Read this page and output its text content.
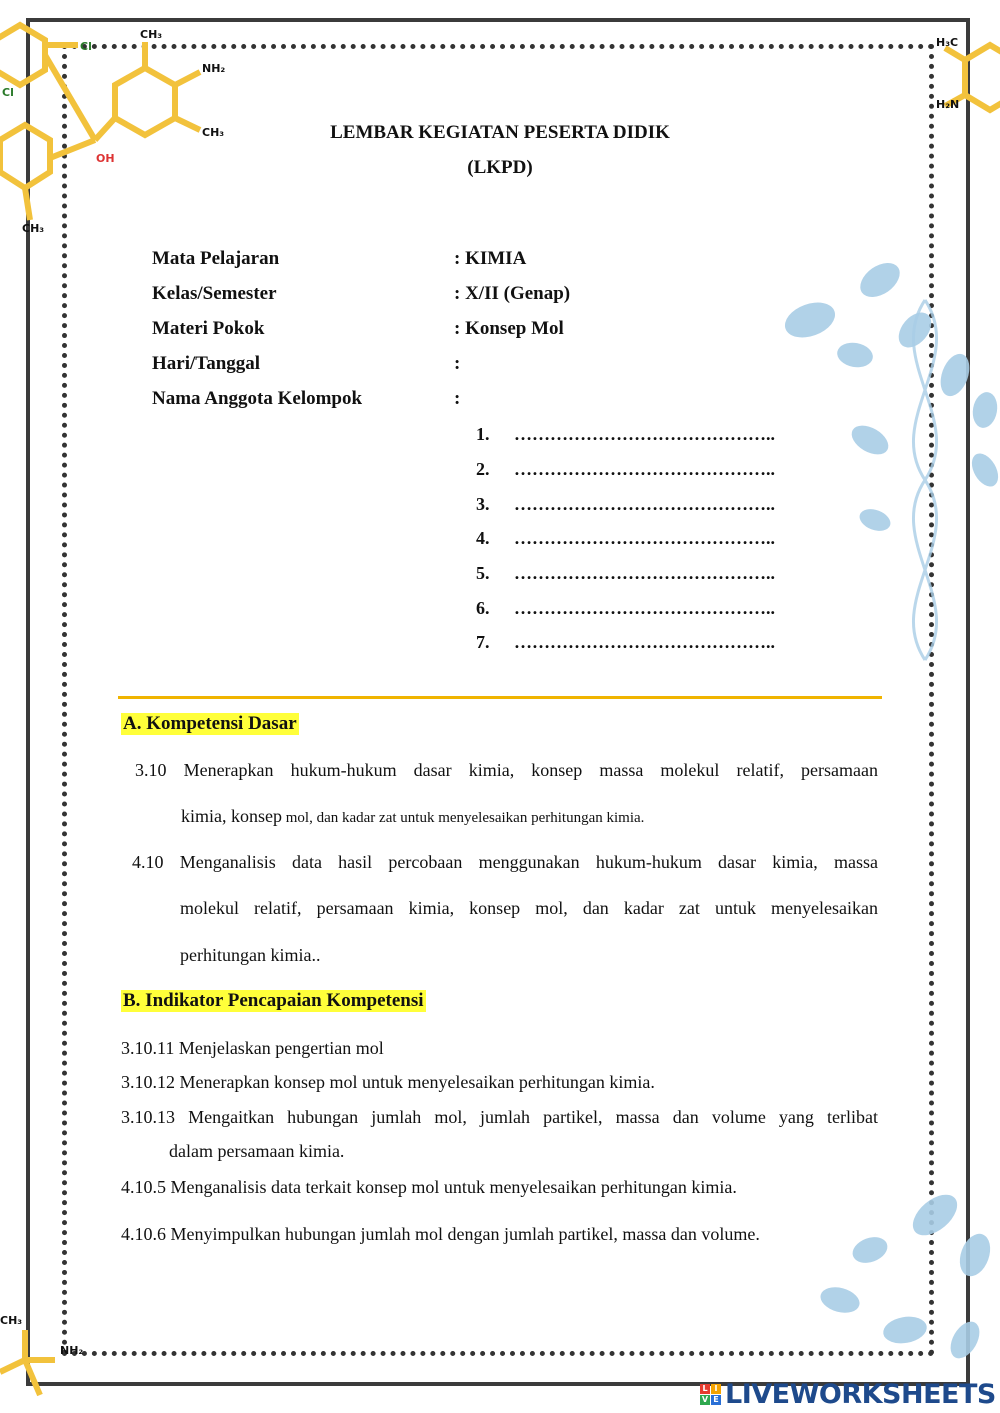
CH₃
NH₂
CH₃
OH
Cl
Cl
CH₃
H₃C
H₂N
CH₃
NH₂
LEMBAR KEGIATAN PESERTA DIDIK
(LKPD)
Mata Pelajaran	: KIMIA
Kelas/Semester	: X/II (Genap)
Materi Pokok	: Konsep Mol
Hari/Tanggal	:
Nama Anggota Kelompok	:
1. ……………………………………..
2. ……………………………………..
3. ……………………………………..
4. ……………………………………..
5. ……………………………………..
6. ……………………………………..
7. ……………………………………..
A. Kompetensi Dasar
3.10 Menerapkan hukum-hukum dasar kimia, konsep massa molekul relatif, persamaan
kimia, konsep mol, dan kadar zat untuk menyelesaikan perhitungan kimia.
4.10 Menganalisis data hasil percobaan menggunakan hukum-hukum dasar kimia, massa
molekul relatif, persamaan kimia, konsep mol, dan kadar zat untuk menyelesaikan
perhitungan kimia..
B. Indikator Pencapaian Kompetensi
3.10.11 Menjelaskan pengertian mol
3.10.12 Menerapkan konsep mol untuk menyelesaikan perhitungan kimia.
3.10.13 Mengaitkan hubungan jumlah mol, jumlah partikel, massa dan volume yang terlibat
dalam persamaan kimia.
4.10.5 Menganalisis data terkait konsep mol untuk menyelesaikan perhitungan kimia.
4.10.6 Menyimpulkan hubungan jumlah mol dengan jumlah partikel, massa dan volume.
L I
V E LIVEWORKSHEETS
